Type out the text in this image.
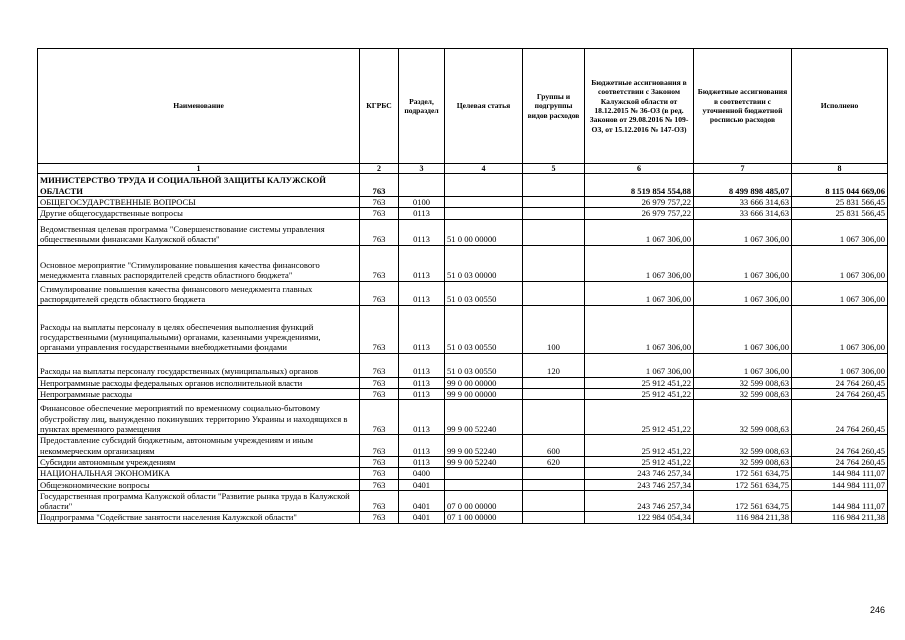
Наименование	КГРБС	Раздел, подраздел	Целевая статья	Группы и подгруппы видов расходов	Бюджетные ассигнования в соответствии с Законом Калужской области от 18.12.2015 № 36-ОЗ (в ред. Законов от 29.08.2016 № 109-ОЗ, от 15.12.2016 № 147-ОЗ)	Бюджетные ассигнования в соответствии с уточненной бюджетной росписью расходов	Исполнено
1	2	3	4	5	6	7	8
МИНИСТЕРСТВО ТРУДА И СОЦИАЛЬНОЙ ЗАЩИТЫ КАЛУЖСКОЙ ОБЛАСТИ	763				8 519 854 554,88	8 499 898 485,07	8 115 044 669,06
ОБЩЕГОСУДАРСТВЕННЫЕ ВОПРОСЫ	763	0100			26 979 757,22	33 666 314,63	25 831 566,45
Другие общегосударственные вопросы	763	0113			26 979 757,22	33 666 314,63	25 831 566,45
Ведомственная целевая программа "Совершенствование системы управления общественными финансами Калужской области"	763	0113	51 0 00 00000		1 067 306,00	1 067 306,00	1 067 306,00
Основное мероприятие "Стимулирование повышения качества финансового менеджмента главных распорядителей средств областного бюджета"	763	0113	51 0 03 00000		1 067 306,00	1 067 306,00	1 067 306,00
Стимулирование повышения качества финансового менеджмента главных распорядителей средств областного бюджета	763	0113	51 0 03 00550		1 067 306,00	1 067 306,00	1 067 306,00
Расходы на выплаты персоналу в целях обеспечения выполнения функций государственными (муниципальными) органами, казенными учреждениями, органами управления государственными внебюджетными фондами	763	0113	51 0 03 00550	100	1 067 306,00	1 067 306,00	1 067 306,00
Расходы на выплаты персоналу государственных (муниципальных) органов	763	0113	51 0 03 00550	120	1 067 306,00	1 067 306,00	1 067 306,00
Непрограммные расходы федеральных органов исполнительной власти	763	0113	99 0 00 00000		25 912 451,22	32 599 008,63	24 764 260,45
Непрограммные расходы	763	0113	99 9 00 00000		25 912 451,22	32 599 008,63	24 764 260,45
Финансовое обеспечение мероприятий по временному социально-бытовому обустройству лиц, вынужденно покинувших территорию Украины и находящихся в пунктах временного размещения	763	0113	99 9 00 52240		25 912 451,22	32 599 008,63	24 764 260,45
Предоставление субсидий бюджетным, автономным учреждениям и иным некоммерческим организациям	763	0113	99 9 00 52240	600	25 912 451,22	32 599 008,63	24 764 260,45
Субсидии автономным учреждениям	763	0113	99 9 00 52240	620	25 912 451,22	32 599 008,63	24 764 260,45
НАЦИОНАЛЬНАЯ ЭКОНОМИКА	763	0400			243 746 257,34	172 561 634,75	144 984 111,07
Общеэкономические вопросы	763	0401			243 746 257,34	172 561 634,75	144 984 111,07
Государственная программа Калужской области "Развитие рынка труда в Калужской области"	763	0401	07 0 00 00000		243 746 257,34	172 561 634,75	144 984 111,07
Подпрограмма "Содействие занятости населения Калужской области"	763	0401	07 1 00 00000		122 984 054,34	116 984 211,38	116 984 211,38
246
